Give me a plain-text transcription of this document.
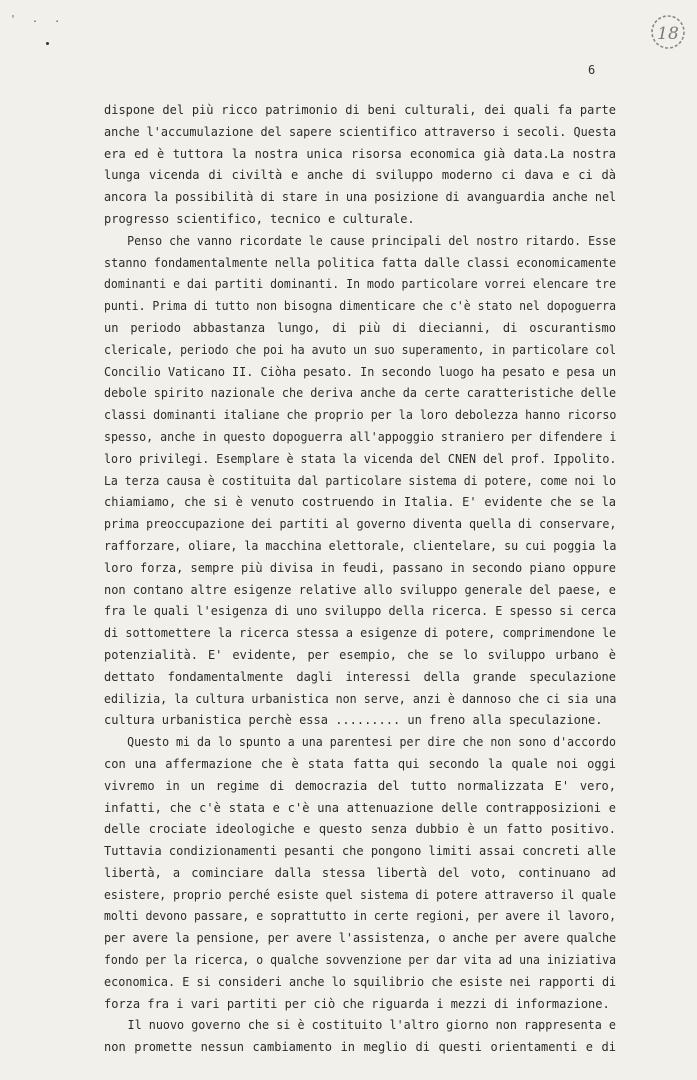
' . .
18
6
dispone del più ricco patrimonio di beni culturali, dei quali fa parte
anche l'accumulazione del sapere scientifico attraverso i secoli. Questa
era ed è tuttora la nostra unica risorsa economica già data.La nostra
lunga vicenda di civiltà e anche di sviluppo moderno ci dava e ci dà
ancora la possibilità di stare in una posizione di avanguardia anche nel
progresso scientifico, tecnico e culturale.
Penso che vanno ricordate le cause principali del nostro ritardo. Esse
stanno fondamentalmente nella politica fatta dalle classi economicamente
dominanti e dai partiti dominanti. In modo particolare vorrei elencare tre
punti. Prima di tutto non bisogna dimenticare che c'è stato nel dopoguerra
un periodo abbastanza lungo, di più di diecianni, di oscurantismo
clericale, periodo che poi ha avuto un suo superamento, in particolare col
Concilio Vaticano II. Ciòha pesato. In secondo luogo ha pesato e pesa un
debole spirito nazionale che deriva anche da certe caratteristiche delle
classi dominanti italiane che proprio per la loro debolezza hanno ricorso
spesso, anche in questo dopoguerra all'appoggio straniero per difendere i
loro privilegi. Esemplare è stata la vicenda del CNEN del prof. Ippolito.
La terza causa è costituita dal particolare sistema di potere, come noi lo
chiamiamo, che si è venuto costruendo in Italia. E' evidente che se la
prima preoccupazione dei partiti al governo diventa quella di conservare,
rafforzare, oliare, la macchina elettorale, clientelare, su cui poggia la
loro forza, sempre più divisa in feudi, passano in secondo piano oppure
non contano altre esigenze relative allo sviluppo generale del paese, e
fra le quali l'esigenza di uno sviluppo della ricerca. E spesso si cerca
di sottomettere la ricerca stessa a esigenze di potere, comprimendone le
potenzialità. E' evidente, per esempio, che se lo sviluppo urbano è
dettato fondamentalmente dagli interessi della grande speculazione
edilizia, la cultura urbanistica non serve, anzi è dannoso che ci sia una
cultura urbanistica perchè essa ......... un freno alla speculazione.
Questo mi da lo spunto a una parentesi per dire che non sono d'accordo
con una affermazione che è stata fatta qui secondo la quale noi oggi
vivremo in un regime di democrazia del tutto normalizzata E' vero,
infatti, che c'è stata e c'è una attenuazione delle contrapposizioni e
delle crociate ideologiche e questo senza dubbio è un fatto positivo.
Tuttavia condizionamenti pesanti che pongono limiti assai concreti alle
libertà, a cominciare dalla stessa libertà del voto, continuano ad
esistere, proprio perché esiste quel sistema di potere attraverso il quale
molti devono passare, e soprattutto in certe regioni, per avere il lavoro,
per avere la pensione, per avere l'assistenza, o anche per avere qualche
fondo per la ricerca, o qualche sovvenzione per dar vita ad una iniziativa
economica. E si consideri anche lo squilibrio che esiste nei rapporti di
forza fra i vari partiti per ciò che riguarda i mezzi di informazione.
Il nuovo governo che si è costituito l'altro giorno non rappresenta e
non promette nessun cambiamento in meglio di questi orientamenti e di
